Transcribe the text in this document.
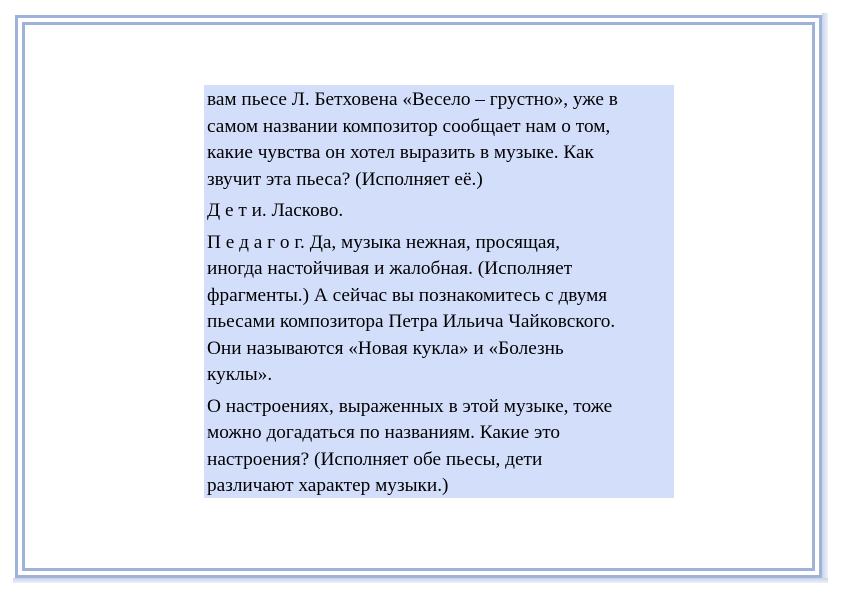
вам пьесе Л. Бетховена «Весело – грустно», уже в
самом названии композитор сообщает нам о том,
какие чувства он хотел выразить в музыке. Как
звучит эта пьеса? (Исполняет её.)

Д е т и. Ласково.

П е д а г о г. Да, музыка нежная, просящая,
иногда настойчивая и жалобная. (Исполняет
фрагменты.) А сейчас вы познакомитесь с двумя
пьесами композитора Петра Ильича Чайковского.
Они называются «Новая кукла» и «Болезнь
куклы».

О настроениях, выраженных в этой музыке, тоже
можно догадаться по названиям. Какие это
настроения? (Исполняет обе пьесы, дети
различают характер музыки.)
